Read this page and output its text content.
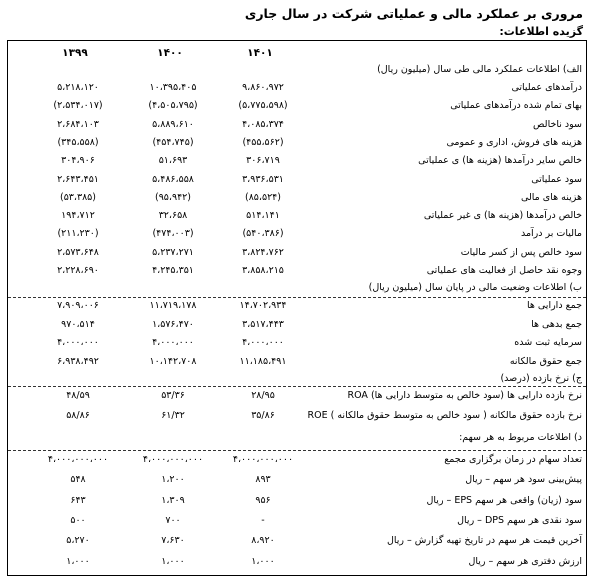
مروری بر عملکرد مالی و عملیاتی شرکت در سال جاری
گزیده اطلاعات:
۱۴۰۱
۱۴۰۰
۱۳۹۹
الف) اطلاعات عملکرد مالی طی سال (میلیون ریال)
درآمدهای عملیاتی
۹،۸۶۰،۹۷۲
۱۰،۳۹۵،۴۰۵
۵،۲۱۸،۱۲۰
بهای تمام شده درآمدهای عملیاتی
(۵،۷۷۵،۵۹۸)
(۴،۵۰۵،۷۹۵)
(۲،۵۳۴،۰۱۷)
سود ناخالص
۴،۰۸۵،۳۷۴
۵،۸۸۹،۶۱۰
۲،۶۸۴،۱۰۳
هزینه های فروش، اداری و عمومی
(۴۵۵،۵۶۲)
(۴۵۴،۷۴۵)
(۳۴۵،۵۵۸)
خالص سایر درآمدها (هزینه ها) ی عملیاتی
۳۰۶،۷۱۹
۵۱،۶۹۳
۳۰۴،۹۰۶
سود عملیاتی
۳،۹۳۶،۵۳۱
۵،۴۸۶،۵۵۸
۲،۶۴۳،۴۵۱
هزینه های مالی
(۸۵،۵۲۴)
(۹۵،۹۴۲)
(۵۳،۳۸۵)
خالص درآمدها (هزینه ها) ی غیر عملیاتی
۵۱۴،۱۴۱
۳۲،۶۵۸
۱۹۴،۷۱۲
مالیات بر درآمد
(۵۴۰،۳۸۶)
(۴۷۴،۰۰۳)
(۲۱۱،۲۳۰)
سود خالص پس از کسر مالیات
۳،۸۲۴،۷۶۲
۵،۲۳۷،۲۷۱
۲،۵۷۳،۶۴۸
وجوه نقد حاصل از فعالیت های عملیاتی
۳،۸۵۸،۲۱۵
۴،۲۴۵،۳۵۱
۲،۲۲۸،۶۹۰
ب) اطلاعات وضعیت مالی در پایان سال (میلیون ریال)
جمع دارایی ها
۱۴،۷۰۲،۹۳۴
۱۱،۷۱۹،۱۷۸
۷،۹۰۹،۰۰۶
جمع بدهی ها
۳،۵۱۷،۴۴۳
۱،۵۷۶،۴۷۰
۹۷۰،۵۱۴
سرمایه ثبت شده
۴،۰۰۰،۰۰۰
۴،۰۰۰،۰۰۰
۴،۰۰۰،۰۰۰
جمع حقوق مالکانه
۱۱،۱۸۵،۴۹۱
۱۰،۱۴۲،۷۰۸
۶،۹۳۸،۴۹۲
ج) نرخ بازده (درصد)
نرخ بازده دارایی ها (سود خالص به متوسط دارایی ها) ROA
۲۸/۹۵
۵۳/۳۶
۴۸/۵۹
نرخ بازده حقوق مالکانه ( سود خالص به متوسط حقوق مالکانه ) ROE
۳۵/۸۶
۶۱/۳۲
۵۸/۸۶
د) اطلاعات مربوط به هر سهم:
تعداد سهام در زمان برگزاری مجمع
۴،۰۰۰،۰۰۰،۰۰۰
۴،۰۰۰،۰۰۰،۰۰۰
۴،۰۰۰،۰۰۰،۰۰۰
پیش‌بینی سود هر سهم – ریال
۸۹۳
۱،۲۰۰
۵۴۸
سود (زیان) واقعی هر سهم EPS – ریال
۹۵۶
۱،۳۰۹
۶۴۳
سود نقدی هر سهم DPS – ریال
-
۷۰۰
۵۰۰
آخرین قیمت هر سهم در تاریخ تهیه گزارش – ریال
۸،۹۲۰
۷،۶۳۰
۵،۲۷۰
ارزش دفتری هر سهم – ریال
۱،۰۰۰
۱،۰۰۰
۱،۰۰۰
